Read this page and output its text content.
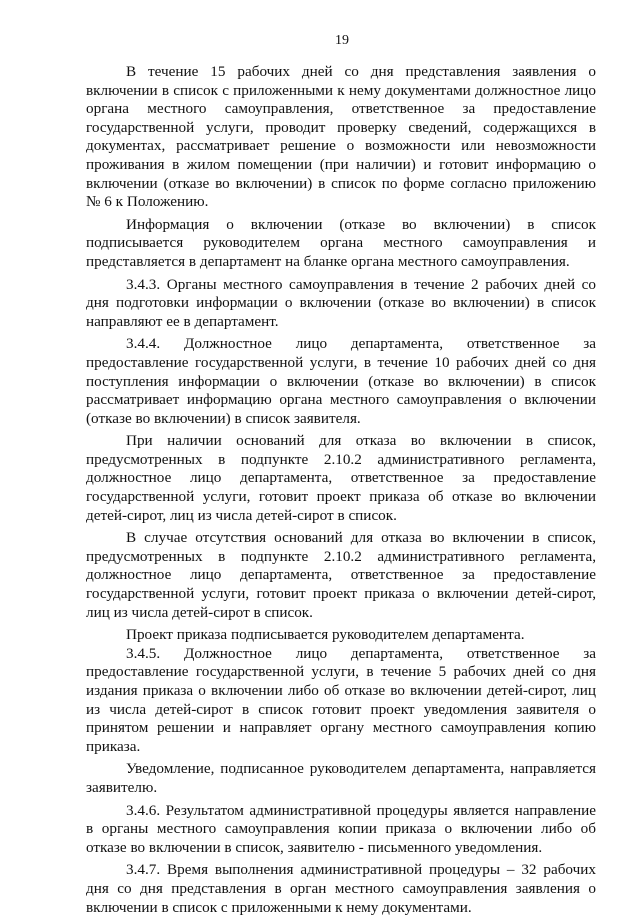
19

В течение 15 рабочих дней со дня представления заявления о
включении в список с приложенными к нему документами должностное лицо
органа местного самоуправления, ответственное за предоставление
государственной услуги, проводит проверку сведений, содержащихся в
документах, рассматривает решение о возможности или невозможности
проживания в жилом помещении (при наличии) и готовит информацию о
включении (отказе во включении) в список по форме согласно приложению
№ 6 к Положению.

Информация о включении (отказе во включении) в список
подписывается руководителем органа местного самоуправления и
представляется в департамент на бланке органа местного самоуправления.

3.4.3. Органы местного самоуправления в течение 2 рабочих дней со
дня подготовки информации о включении (отказе во включении) в список
направляют ее в департамент.

3.4.4. Должностное лицо департамента, ответственное за
предоставление государственной услуги, в течение 10 рабочих дней со дня
поступления информации о включении (отказе во включении) в список
рассматривает информацию органа местного самоуправления о включении
(отказе во включении) в список заявителя.

При наличии оснований для отказа во включении в список,
предусмотренных в подпункте 2.10.2 административного регламента,
должностное лицо департамента, ответственное за предоставление
государственной услуги, готовит проект приказа об отказе во включении
детей-сирот, лиц из числа детей-сирот в список.

В случае отсутствия оснований для отказа во включении в список,
предусмотренных в подпункте 2.10.2 административного регламента,
должностное лицо департамента, ответственное за предоставление
государственной услуги, готовит проект приказа о включении детей-сирот,
лиц из числа детей-сирот в список.

Проект приказа подписывается руководителем департамента.

3.4.5. Должностное лицо департамента, ответственное за
предоставление государственной услуги, в течение 5 рабочих дней со дня
издания приказа о включении либо об отказе во включении детей-сирот, лиц
из числа детей-сирот в список готовит проект уведомления заявителя о
принятом решении и направляет органу местного самоуправления копию
приказа.

Уведомление, подписанное руководителем департамента, направляется
заявителю.

3.4.6. Результатом административной процедуры является направление
в органы местного самоуправления копии приказа о включении либо об
отказе во включении в список, заявителю - письменного уведомления.

3.4.7. Время выполнения административной процедуры – 32 рабочих
дня со дня представления в орган местного самоуправления заявления о
включении в список с приложенными к нему документами.
